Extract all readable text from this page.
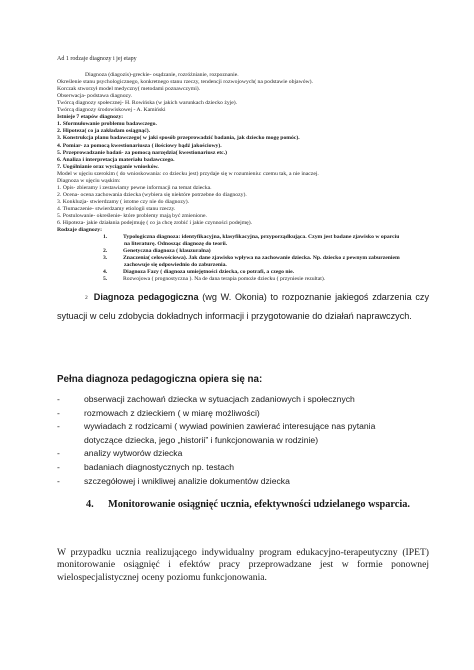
Ad 1 rodzaje diagnozy i jej etapy
Diagnoza (diagozis)-greckie- osądzanie, rozróżnianie, rozpoznanie.
Określenie stanu psychologicznego, konkretnego stanu rzeczy, tendencji rozwojowych( na podstawie objawów).
Korczak stworzył model medyczny( metodami poznawczymi).
Obserwacja- podstawa diagnozy.
Twórcą diagnozy społecznej- H. Rowińska (w jakich warunkach dziecko żyje).
Twórcą diagnozy środowiskowej - A. Kamiński
Istnieje 7 etapów diagnozy:
1. Sformułowanie problemu badawczego.
2. Hipoteza( co ja zakładam osiągnąć).
3. Konstrukcja planu badawczego( w jaki sposób przeprowadzić badania, jak dziecko mogę pomóc).
4. Pomiar- za pomocą kwestionariusza ( ilościowy bądź jakościowy).
5. Przeprowadzanie badań- za pomocą narzędzia( kwestionariusz etc.)
6. Analiza i interpretacja materiału badawczego.
7. Uogólnianie oraz wyciąganie wniosków.
Model w ujęciu szerokim ( do wnioskowania: co dziecku jest) przydaje się w rozumieniu: czemu tak, a nie inaczej.
Diagnoza w ujęciu wąskim:
1. Opis- zbieramy i zestawiamy pewne informacji na temat dziecka.
2. Ocena- ocena zachowania dziecka (wybiera się niektóre potrzebne do diagnozy).
3. Konkluzja- stwierdzamy ( istotne czy nie do diagnozy).
4. Tłumaczenie- stwierdzamy etiologii stanu rzeczy.
5. Postulowanie- określenie- które problemy mają być zmienione.
6. Hipoteza- jakie działania podejmuję ( co ja chcę zrobić i jakie czynności podejmę).
Rodzaje diagnozy:
1.	Typologiczna diagnoza: identyfikacyjna, klasyfikacyjna, przyporządkująca. Czym jest badane zjawisko w oparciu
na literaturę. Odnosząc diagnozę do teorii.
2.	Genetyczna diagnoza ( klauzuralna)
3.	Znaczenia( celowościowa). Jak dane zjawisko wpływa na zachowanie dziecka. Np. dziecko z pewnym zaburzeniem
zachowuje się odpowiednio do zaburzenia.
4.	Diagnoza Fazy ( diagnoza umiejętności dziecka, co potrafi, a czego nie.
5.	Rozwojowa ( prognostyczna ). Na de dana terapia pomoże dziecku ( przyniesie rezultat).
2 Diagnoza pedagogiczna (wg W. Okonia) to rozpoznanie jakiegoś zdarzenia czy
sytuacji w celu zdobycia dokładnych informacji i przygotowanie do działań naprawczych.
Pełna diagnoza pedagogiczna opiera się na:
-	obserwacji zachowań dziecka w sytuacjach zadaniowych i społecznych
-	rozmowach z dzieckiem ( w miarę możliwości)
-	wywiadach z rodzicami ( wywiad powinien zawierać interesujące nas pytania dotyczące dziecka, jego „historii” i funkcjonowania w rodzinie)
-	analizy wytworów dziecka
-	badaniach diagnostycznych np. testach
-	szczegółowej i wnikliwej analizie dokumentów dziecka
4. Monitorowanie osiągnięć ucznia, efektywności udzielanego wsparcia.
W przypadku ucznia realizującego indywidualny program edukacyjno-terapeutyczny (IPET)
monitorowanie osiągnięć i efektów pracy przeprowadzane jest w formie ponownej
wielospecjalistycznej oceny poziomu funkcjonowania.
